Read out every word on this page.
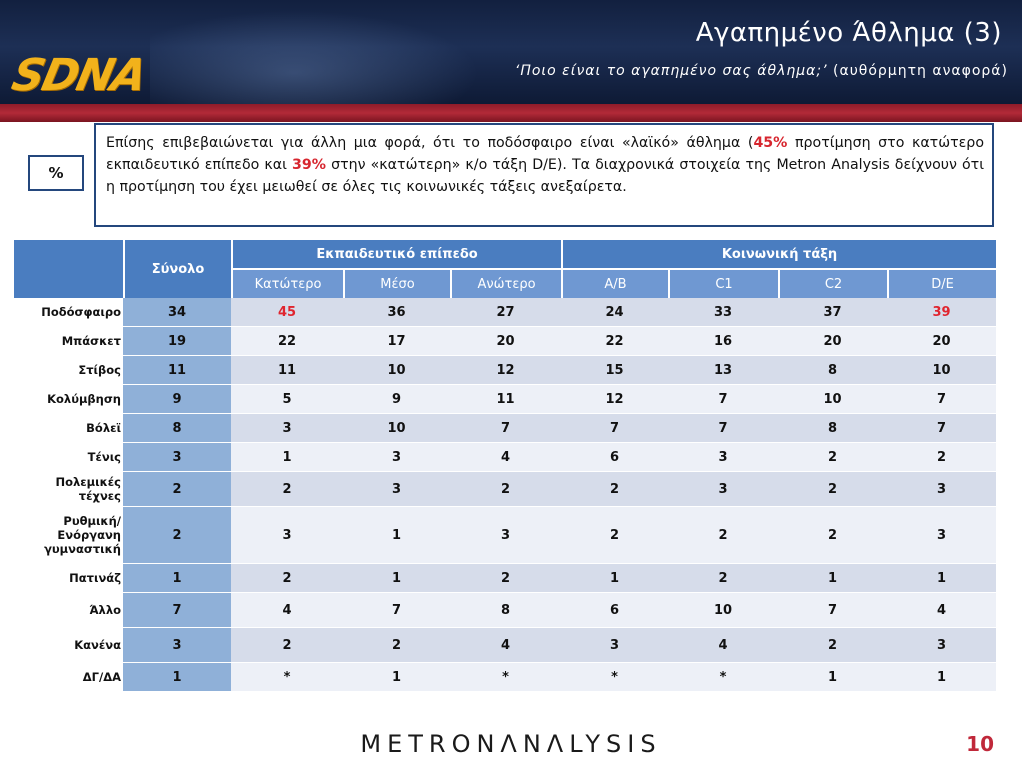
SDNA
Αγαπημένο Άθλημα (3)
‘Ποιο είναι το αγαπημένο σας άθλημα;’ (αυθόρμητη αναφορά)
%
Επίσης επιβεβαιώνεται για άλλη μια φορά, ότι το ποδόσφαιρο είναι «λαϊκό» άθλημα (45% προτίμηση στο κατώτερο εκπαιδευτικό επίπεδο και 39% στην «κατώτερη» κ/ο τάξη D/E). Τα διαχρονικά στοιχεία της Metron Analysis δείχνουν ότι η προτίμηση του έχει μειωθεί σε όλες τις κοινωνικές τάξεις ανεξαίρετα.
	Σύνολο	Εκπαιδευτικό επίπεδο			Κοινωνική τάξη			
		Κατώτερο	Μέσο	Ανώτερο	A/B	C1	C2	D/E
Ποδόσφαιρο	34	45	36	27	24	33	37	39
Μπάσκετ	19	22	17	20	22	16	20	20
Στίβος	11	11	10	12	15	13	8	10
Κολύμβηση	9	5	9	11	12	7	10	7
Βόλεϊ	8	3	10	7	7	7	8	7
Τένις	3	1	3	4	6	3	2	2
Πολεμικές τέχνες	2	2	3	2	2	3	2	3
Ρυθμική/Ενόργανη γυμναστική	2	3	1	3	2	2	2	3
Πατινάζ	1	2	1	2	1	2	1	1
Άλλο	7	4	7	8	6	10	7	4
Κανένα	3	2	2	4	3	4	2	3
ΔΓ/ΔΑ	1	*	1	*	*	*	1	1
METRONΛNΛLYSIS	10
